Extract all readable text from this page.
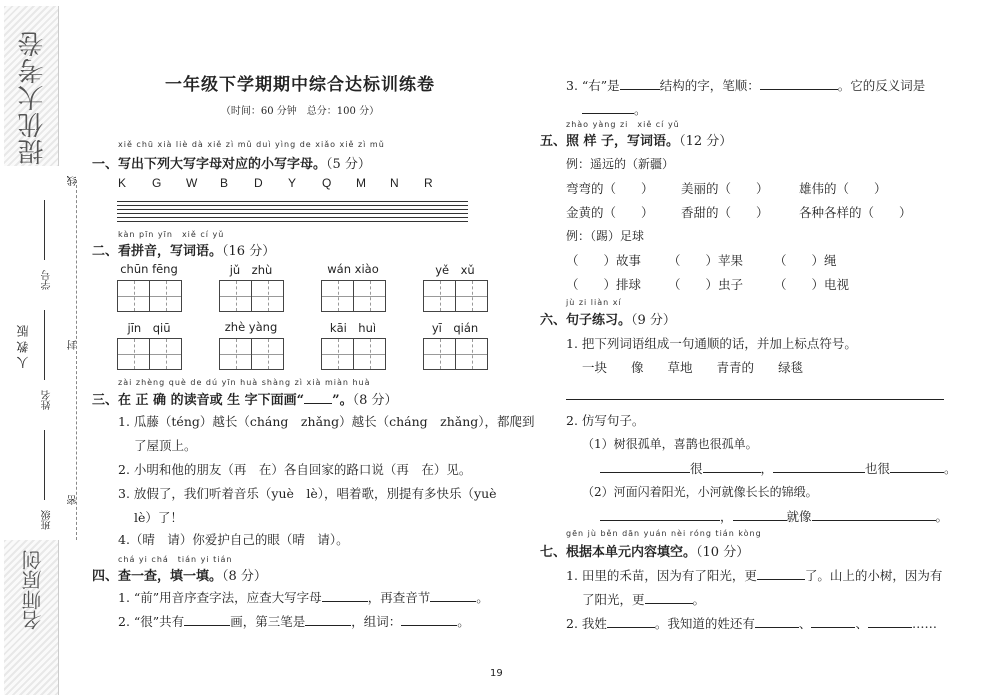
提优大考卷
名师原创
人 教 版
线
学号
封
姓名
密
班级
一年级下学期期中综合达标训练卷
（时间：60 分钟　总分：100 分）
xiě chū xià liè dà xiě zì mǔ duì yìng de xiǎo xiě zì mǔ
一、写出下列大写字母对应的小写字母。（5 分）
K G W B D Y Q M N R
kàn pīn yīn　xiě cí yǔ
二、看拼音，写词语。（16 分）
chūn fēng	jǔ　zhù	wán xiào	yě　xǔ
jīn　qiū	zhè yàng	kāi　huì	yī　qián
zài zhèng què de dú yīn huà shàng zì xià miàn huà
三、在 正 确 的读音或 生 字下面画“ ”。（8 分）
1. 瓜藤（téng）越长（cháng　zhǎng）越长（cháng　zhǎng），都爬到
了屋顶上。
2. 小明和他的朋友（再　在）各自回家的路口说（再　在）见。
3. 放假了，我们听着音乐（yuè　lè），唱着歌，別提有多快乐（yuè
lè）了！
4.（晴　请）你爱护自己的眼（晴　请）。
chá yi chá　tián yi tián
四、查一查，填一填。（8 分）
1. “前”用音序查字法，应查大写字母	，再查音节	。
2. “很”共有	画，第三笔是	，组词：	。
3. “右”是	结构的字，笔顺：	。它的反义词是
。
zhào yàng zi　xiě cí yǔ
五、照 样 子，写词语。（12 分）
例：遥远的（新疆）
弯弯的（　　） 美丽的（　　） 雄伟的（　　）
金黄的（　　） 香甜的（　　） 各种各样的（　　）
例：（踢）足球
（　　）故事 （　　）苹果 （　　）绳
（　　）排球 （　　）虫子 （　　）电视
jù zi liàn xí
六、句子练习。（9 分）
1. 把下列词语组成一句通顺的话，并加上标点符号。
一块 像 草地 青青的 绿毯
2. 仿写句子。
（1）树很孤单，喜鹊也很孤单。
很	，	也很	。
（2）河面闪着阳光，小河就像长长的锦缎。
，	就像	。
gēn jù běn dān yuán nèi róng tián kòng
七、根据本单元内容填空。（10 分）
1. 田里的禾苗，因为有了阳光，更	了。山上的小树，因为有
了阳光，更	。
2. 我姓	。我知道的姓还有	、	、	……
19
